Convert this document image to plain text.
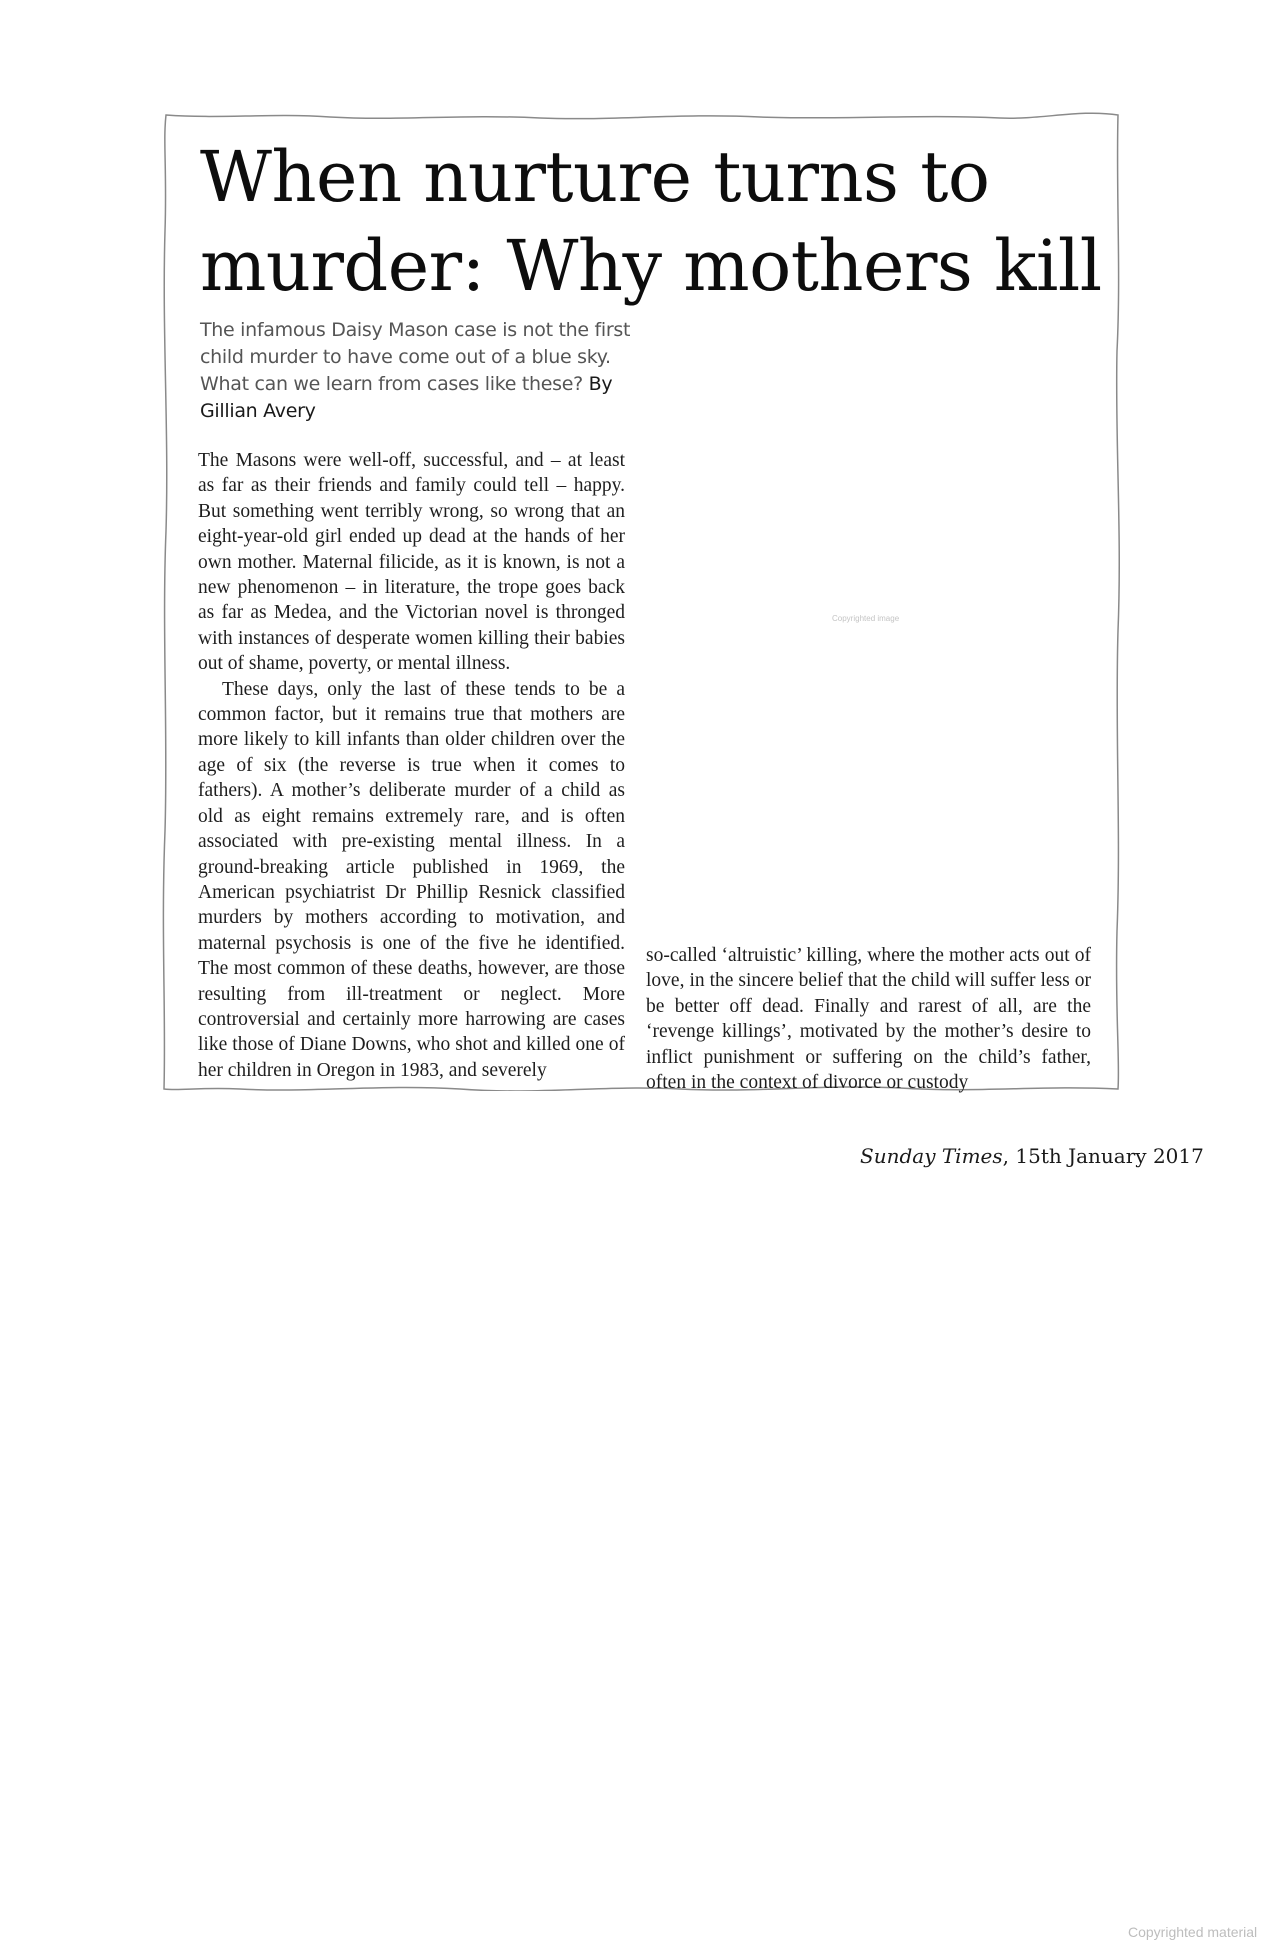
When nurture turns to murder: Why mothers kill
The infamous Daisy Mason case is not the first child murder to have come out of a blue sky. What can we learn from cases like these? By Gillian Avery

The Masons were well-off, successful, and – at least as far as their friends and family could tell – happy. But something went terribly wrong, so wrong that an eight-year-old girl ended up dead at the hands of her own mother. Maternal filicide, as it is known, is not a new phenomenon – in literature, the trope goes back as far as Medea, and the Victorian novel is thronged with instances of desperate women killing their babies out of shame, poverty, or mental illness.

These days, only the last of these tends to be a common factor, but it remains true that mothers are more likely to kill infants than older children over the age of six (the reverse is true when it comes to fathers). A mother’s deliberate murder of a child as old as eight remains extremely rare, and is often associated with pre-existing mental illness. In a ground-breaking article published in 1969, the American psychiatrist Dr Phillip Resnick classified murders by mothers according to motivation, and maternal psychosis is one of the five he identified. The most common of these deaths, however, are those resulting from ill-treatment or neglect. More controversial and certainly more harrowing are cases like those of Diane Downs, who shot and killed one of her children in Oregon in 1983, and severely

Copyrighted image

so-called ‘altruistic’ killing, where the mother acts out of love, in the sincere belief that the child will suffer less or be better off dead. Finally and rarest of all, are the ‘revenge killings’, motivated by the mother’s desire to inflict punishment or suffering on the child’s father, often in the context of divorce or custody

Sunday Times, 15th January 2017
Copyrighted material
